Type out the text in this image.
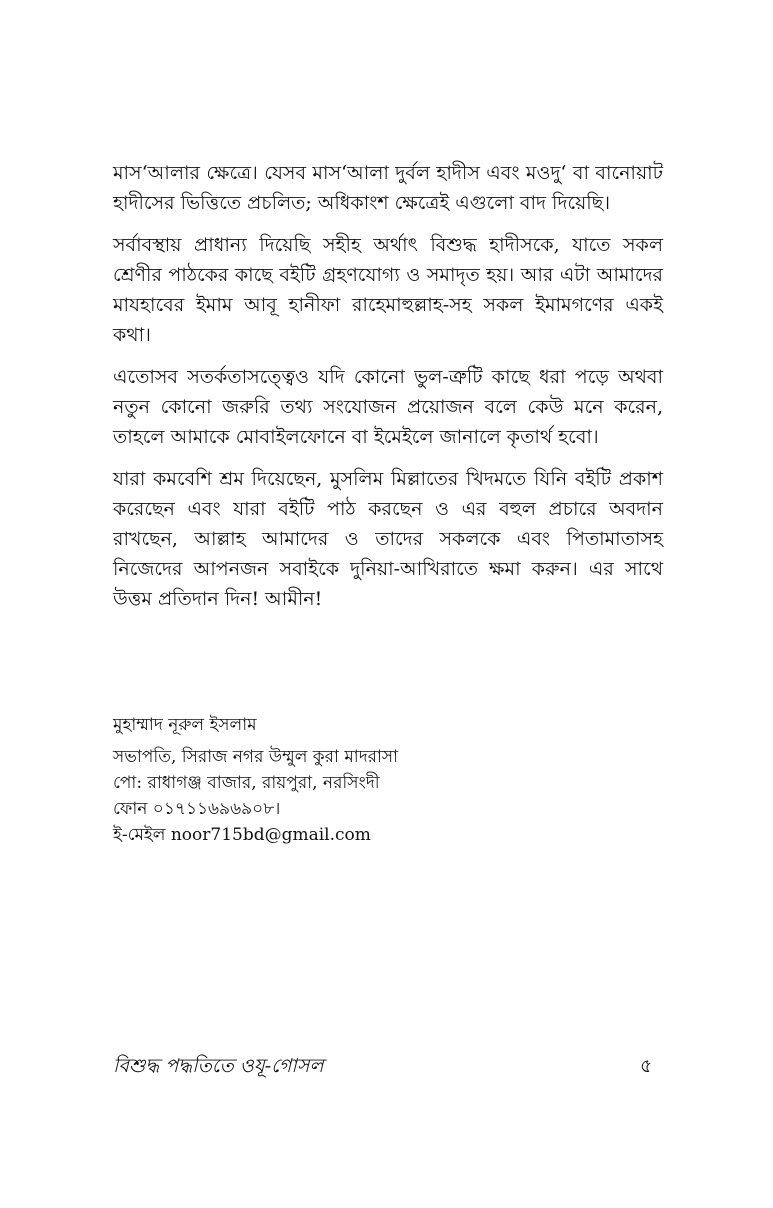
মাস‘আলার ক্ষেত্রে। যেসব মাস‘আলা দুর্বল হাদীস এবং মওদু‘ বা বানোয়াট হাদীসের ভিত্তিতে প্রচলিত; অধিকাংশ ক্ষেত্রেই এগুলো বাদ দিয়েছি।

সর্বাবস্থায় প্রাধান্য দিয়েছি সহীহ অর্থাৎ বিশুদ্ধ হাদীসকে, যাতে সকল শ্রেণীর পাঠকের কাছে বইটি গ্রহণযোগ্য ও সমাদৃত হয়। আর এটা আমাদের মাযহাবের ইমাম আবূ হানীফা রাহেমাহুল্লাহ-সহ সকল ইমামগণের একই কথা।

এতোসব সতর্কতাসত্ত্বেও যদি কোনো ভুল-ত্রুটি কাছে ধরা পড়ে অথবা নতুন কোনো জরুরি তথ্য সংযোজন প্রয়োজন বলে কেউ মনে করেন, তাহলে আমাকে মোবাইলফোনে বা ইমেইলে জানালে কৃতার্থ হবো।

যারা কমবেশি শ্রম দিয়েছেন, মুসলিম মিল্লাতের খিদমতে যিনি বইটি প্রকাশ করেছেন এবং যারা বইটি পাঠ করছেন ও এর বহুল প্রচারে অবদান রাখছেন, আল্লাহ আমাদের ও তাদের সকলকে এবং পিতামাতাসহ নিজেদের আপনজন সবাইকে দুনিয়া-আখিরাতে ক্ষমা করুন। এর সাথে উত্তম প্রতিদান দিন! আমীন!

মুহাম্মাদ নূরুল ইসলাম

সভাপতি, সিরাজ নগর উম্মুল কুরা মাদরাসা

পো: রাধাগঞ্জ বাজার, রায়পুরা, নরসিংদী

ফোন ০১৭১১৬৯৬৯০৮।

ই-মেইল noor715bd@gmail.com

বিশুদ্ধ পদ্ধতিতে ওযূ-গোসল	৫
